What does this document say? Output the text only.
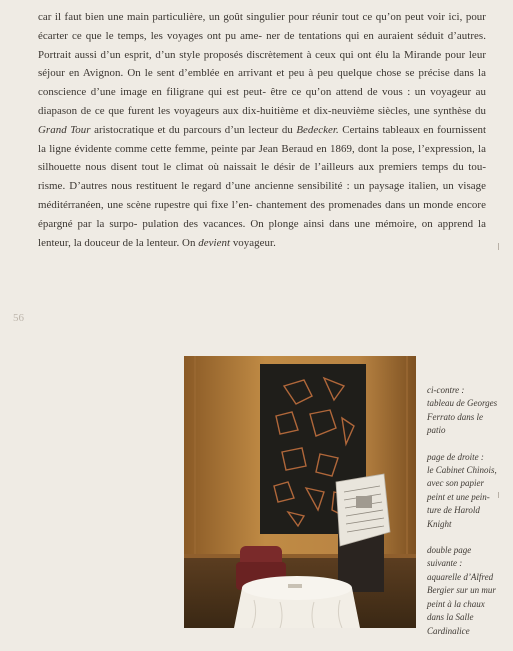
car il faut bien une main particulière, un goût singulier pour réunir tout ce qu’on peut voir ici, pour écarter ce que le temps, les voyages ont pu ame- ner de tentations qui en auraient séduit d’autres. Portrait aussi d’un esprit, d’un style proposés discrètement à ceux qui ont élu la Mirande pour leur séjour en Avignon. On le sent d’emblée en arrivant et peu à peu quelque chose se précise dans la conscience d’une image en filigrane qui est peut- être ce qu’on attend de vous : un voyageur au diapason de ce que furent les voyageurs aux dix-huitième et dix-neuvième siècles, une synthèse du Grand Tour aristocratique et du parcours d’un lecteur du Bedecker. Certains tableaux en fournissent la ligne évidente comme cette femme, peinte par Jean Beraud en 1869, dont la pose, l’expression, la silhouette nous disent tout le climat où naissait le désir de l’ailleurs aux premiers temps du tou- risme. D’autres nous restituent le regard d’une ancienne sensibilité : un paysage italien, un visage méditérranéen, une scène rupestre qui fixe l’en- chantement des promenades dans un monde encore épargné par la surpo- pulation des vacances. On plonge ainsi dans une mémoire, on apprend la lenteur, la douceur de la lenteur. On devient voyageur.

56

ci-contre :
tableau de Georges
Ferrato dans le
patio

page de droite :
le Cabinet Chinois,
avec son papier
peint et une pein-
ture de Harold
Knight

double page
suivante :
aquarelle d’Alfred
Bergier sur un mur
peint à la chaux
dans la Salle
Cardinalice
